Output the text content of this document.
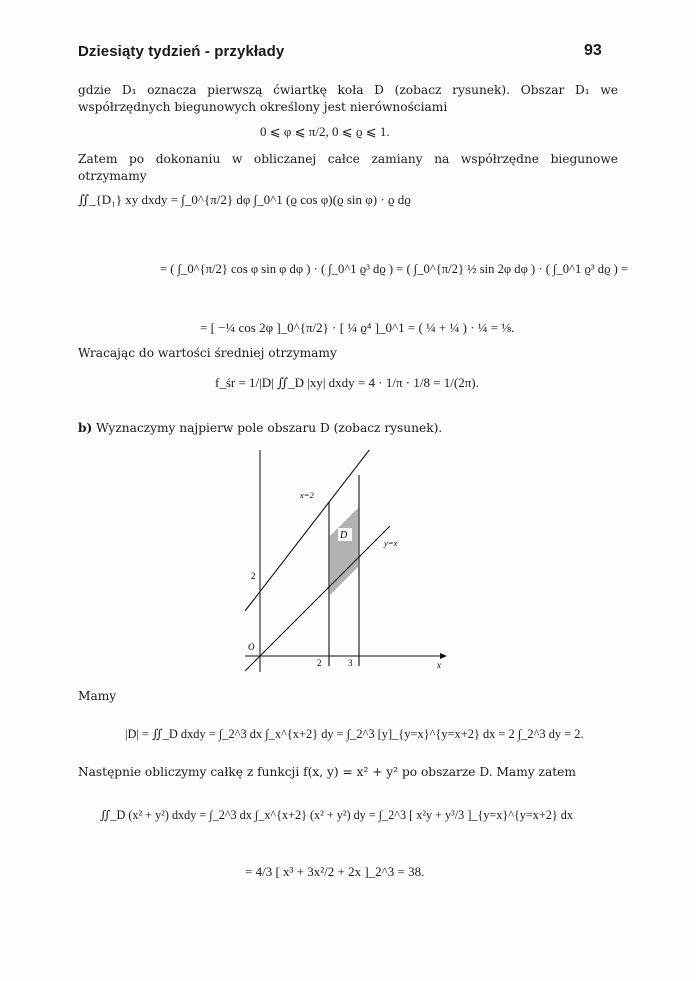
Dziesiąty tydzień - przykłady	93
gdzie D₁ oznacza pierwszą ćwiartkę koła D (zobacz rysunek). Obszar D₁ we współrzędnych biegunowych określony jest nierównościami
0 ⩽ φ ⩽ π/2, 0 ⩽ ϱ ⩽ 1.
Zatem po dokonaniu w obliczanej całce zamiany na współrzędne biegunowe otrzymamy
∬_{D₁} xy dxdy = ∫_0^{π/2} dφ ∫_0^1 (ϱ cos φ)(ϱ sin φ) · ϱ dϱ
= ( ∫_0^{π/2} cos φ sin φ dφ ) · ( ∫_0^1 ϱ³ dϱ ) = ( ∫_0^{π/2} ½ sin 2φ dφ ) · ( ∫_0^1 ϱ³ dϱ ) =
= [ −¼ cos 2φ ]_0^{π/2} · [ ¼ ϱ⁴ ]_0^1 = ( ¼ + ¼ ) · ¼ = ⅛.
Wracając do wartości średniej otrzymamy
f_śr = 1/|D| ∬_D |xy| dxdy = 4 · 1/π · 1/8 = 1/(2π).
b) Wyznaczymy najpierw pole obszaru D (zobacz rysunek).
x
O
2	3
2
x=2
y=x
D
Mamy
|D| = ∬_D dxdy = ∫_2^3 dx ∫_x^{x+2} dy = ∫_2^3 [y]_{y=x}^{y=x+2} dx = 2 ∫_2^3 dy = 2.
Następnie obliczymy całkę z funkcji f(x, y) = x² + y² po obszarze D. Mamy zatem
∬_D (x² + y²) dxdy = ∫_2^3 dx ∫_x^{x+2} (x² + y²) dy = ∫_2^3 [ x²y + y³/3 ]_{y=x}^{y=x+2} dx
= 4/3 [ x³ + 3x²/2 + 2x ]_2^3 = 38.
